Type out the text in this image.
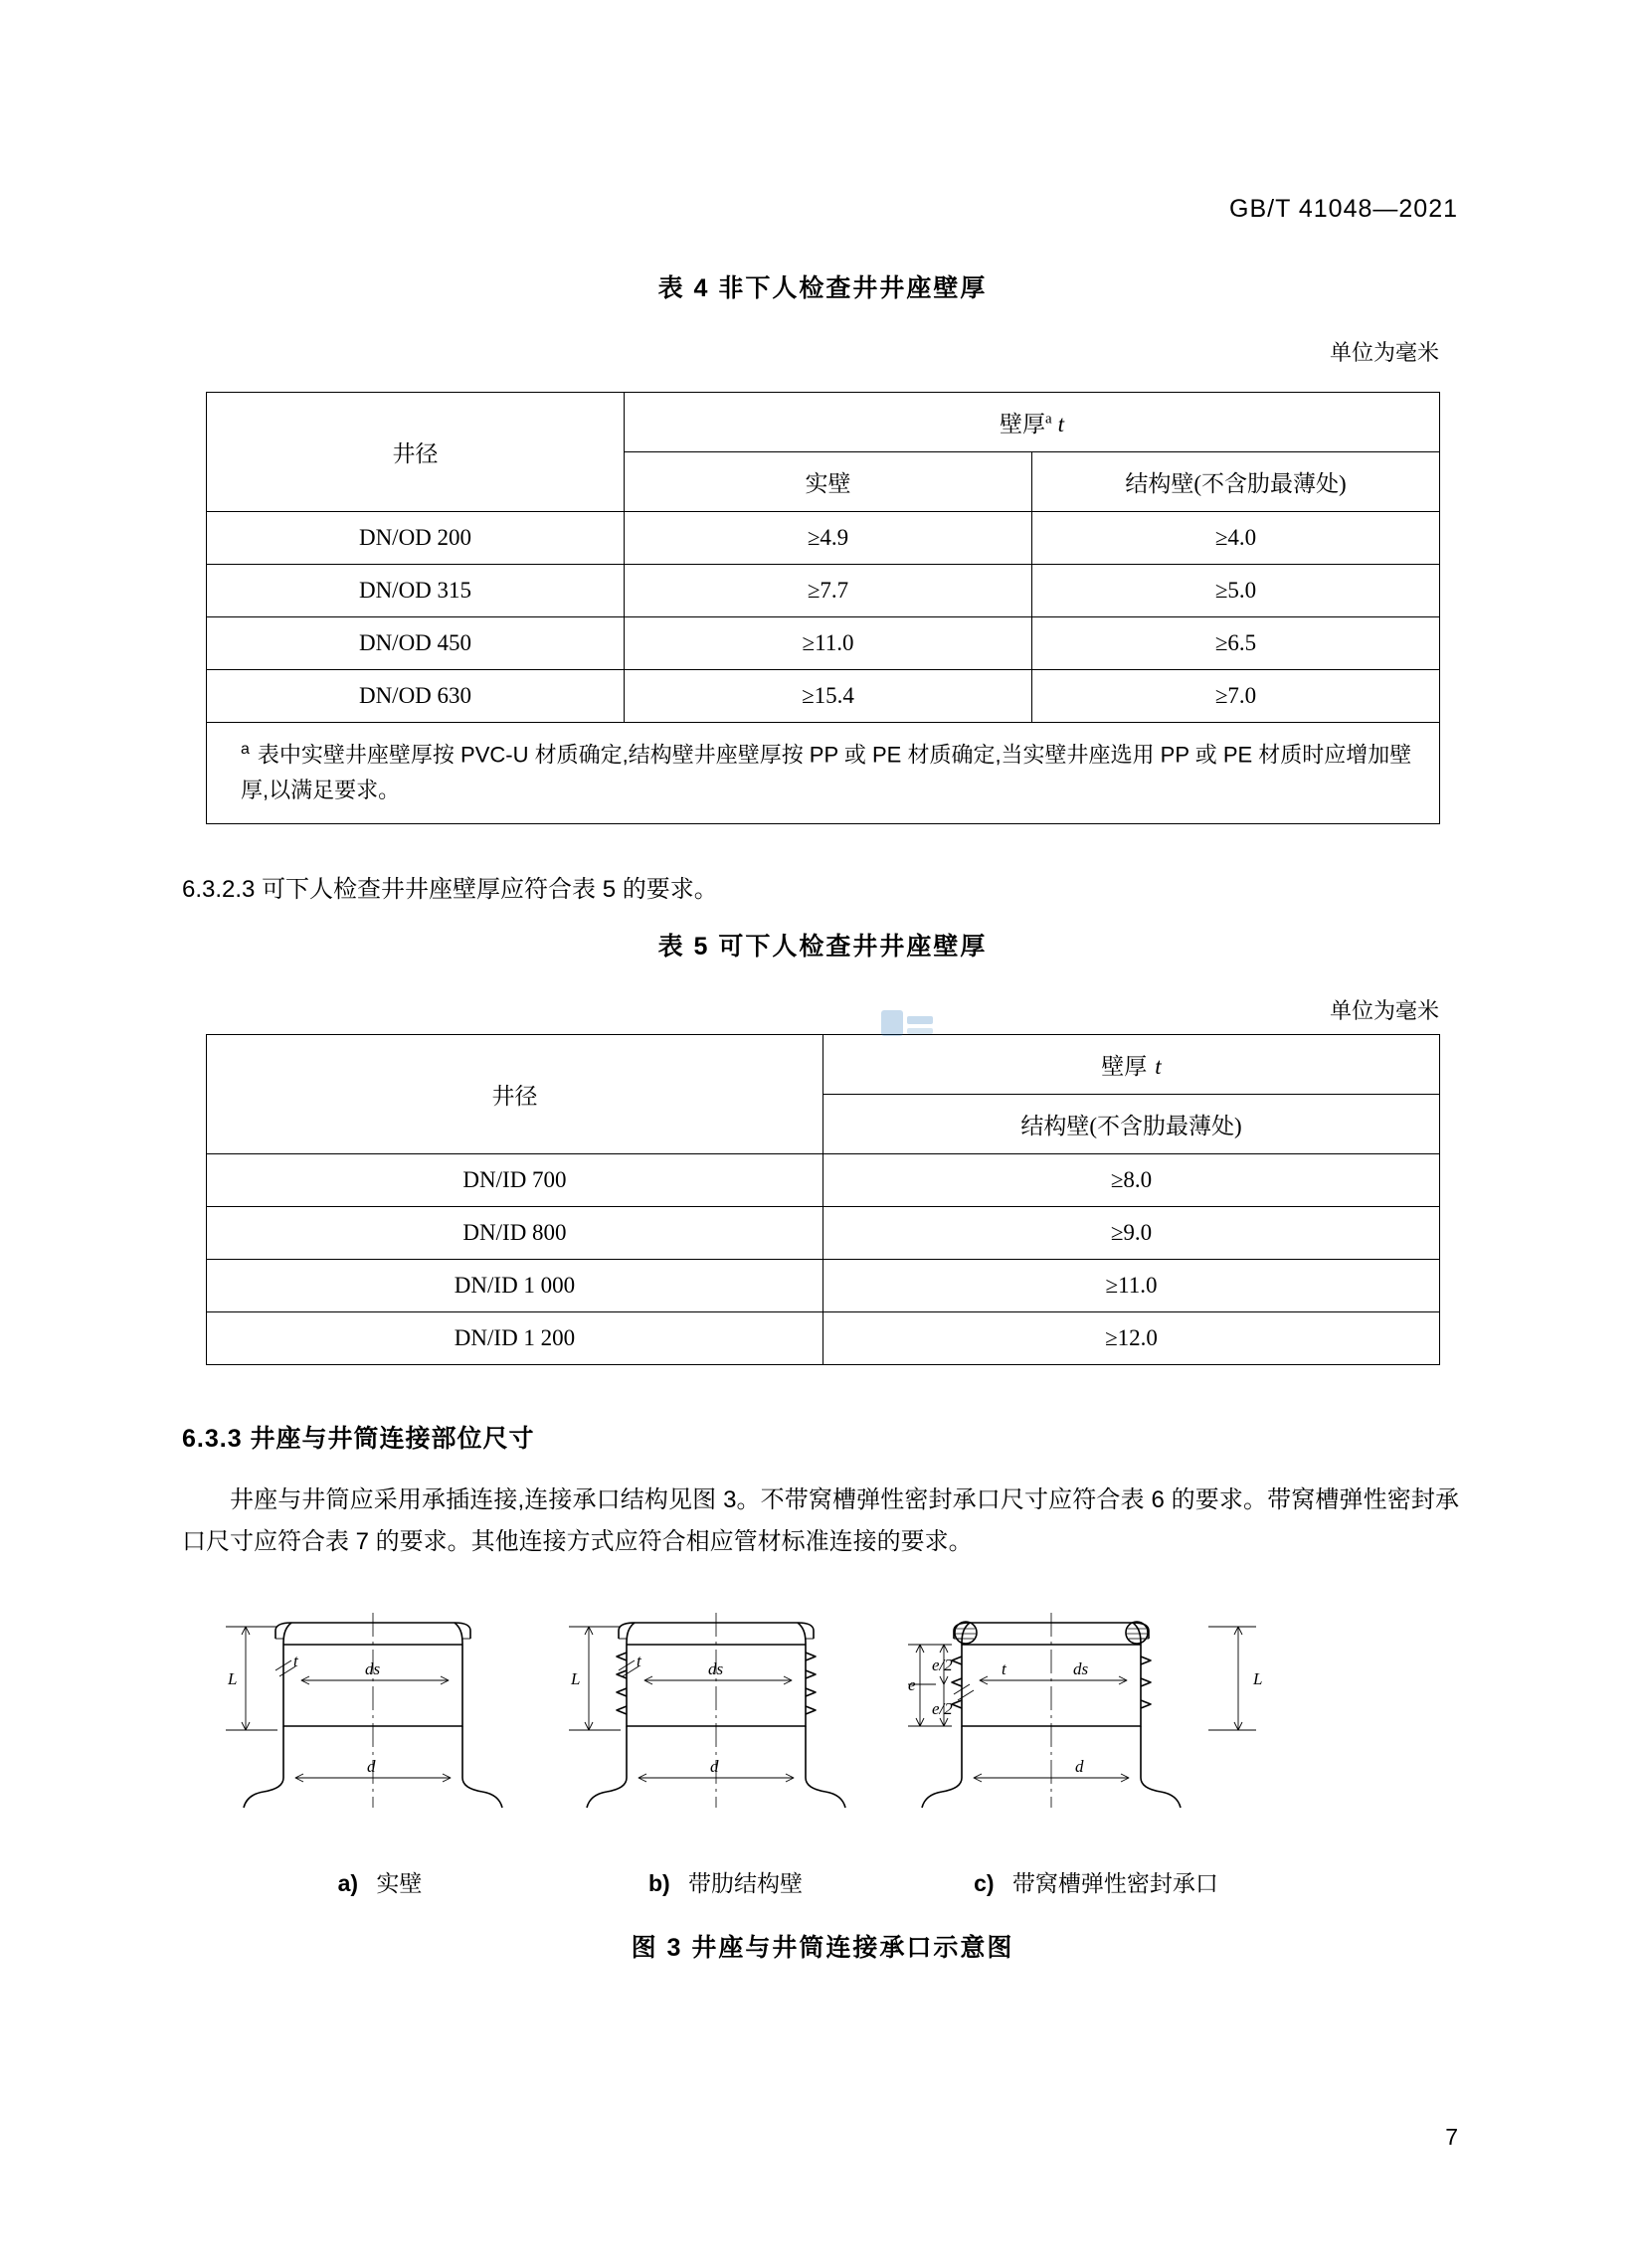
GB/T 41048—2021
表 4 非下人检查井井座壁厚
单位为毫米
井径	壁厚$^a$ t	
	实壁	结构壁(不含肋最薄处)
DN/OD 200	≥4.9	≥4.0
DN/OD 315	≥7.7	≥5.0
DN/OD 450	≥11.0	≥6.5
DN/OD 630	≥15.4	≥7.0
$^a$ 表中实壁井座壁厚按 PVC-U 材质确定,结构壁井座壁厚按 PP 或 PE 材质确定,当实壁井座选用 PP 或 PE 材质时应增加壁厚,以满足要求。		
6.3.2.3 可下人检查井井座壁厚应符合表 5 的要求。
表 5 可下人检查井井座壁厚
单位为毫米
井径	壁厚 t
	结构壁(不含肋最薄处)
DN/ID 700	≥8.0
DN/ID 800	≥9.0
DN/ID 1 000	≥11.0
DN/ID 1 200	≥12.0
6.3.3 井座与井筒连接部位尺寸
井座与井筒应采用承插连接,连接承口结构见图 3。不带窝槽弹性密封承口尺寸应符合表 6 的要求。带窝槽弹性密封承口尺寸应符合表 7 的要求。其他连接方式应符合相应管材标准连接的要求。
L
t	ds
d
L
t	ds
d
L
e
e/2
e/2
t	ds
d
a) 实壁	b) 带肋结构壁	c) 带窝槽弹性密封承口
图 3 井座与井筒连接承口示意图
7
